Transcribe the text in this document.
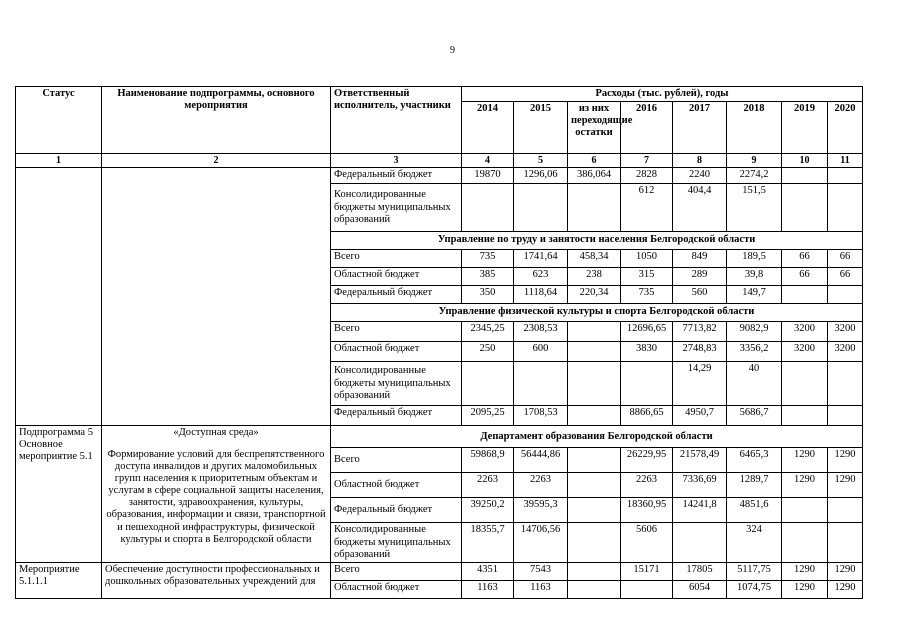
9
Статус	Наименование подпрограммы, основного мероприятия	Ответственный исполнитель, участники	Расходы (тыс. рублей), годы							
			2014	2015	из них переходящие остатки	2016	2017	2018	2019	2020
1	2	3	4	5	6	7	8	9	10	11
		Федеральный бюджет	19870	1296,06	386,064	2828	2240	2274,2		
		Консолидированные бюджеты муниципальных образований				612	404,4	151,5		
		Управление по труду и занятости населения Белгородской области								
		Всего	735	1741,64	458,34	1050	849	189,5	66	66
		Областной бюджет	385	623	238	315	289	39,8	66	66
		Федеральный бюджет	350	1118,64	220,34	735	560	149,7		
		Управление физической культуры и спорта Белгородской области								
		Всего	2345,25	2308,53		12696,65	7713,82	9082,9	3200	3200
		Областной бюджет	250	600		3830	2748,83	3356,2	3200	3200
		Консолидированные бюджеты муниципальных образований					14,29	40		
		Федеральный бюджет	2095,25	1708,53		8866,65	4950,7	5686,7		
Подпрограмма 5 Основное мероприятие 5.1	«Доступная среда»
Формирование условий для беспрепятственного доступа инвалидов и других маломобильных групп населения к приоритетным объектам и услугам в сфере социальной защиты населения, занятости, здравоохранения, культуры, образования, информации и связи, транспортной и пешеходной инфраструктуры, физической культуры и спорта в Белгородской области	Департамент образования Белгородской области								
		Всего	59868,9	56444,86		26229,95	21578,49	6465,3	1290	1290
		Областной бюджет	2263	2263		2263	7336,69	1289,7	1290	1290
		Федеральный бюджет	39250,2	39595,3		18360,95	14241,8	4851,6		
		Консолидированные бюджеты муниципальных образований	18355,7	14706,56		5606		324		
Мероприятие 5.1.1.1	Обеспечение доступности профессиональных и дошкольных образовательных учреждений для	Всего	4351	7543		15171	17805	5117,75	1290	1290
		Областной бюджет	1163	1163			6054	1074,75	1290	1290
